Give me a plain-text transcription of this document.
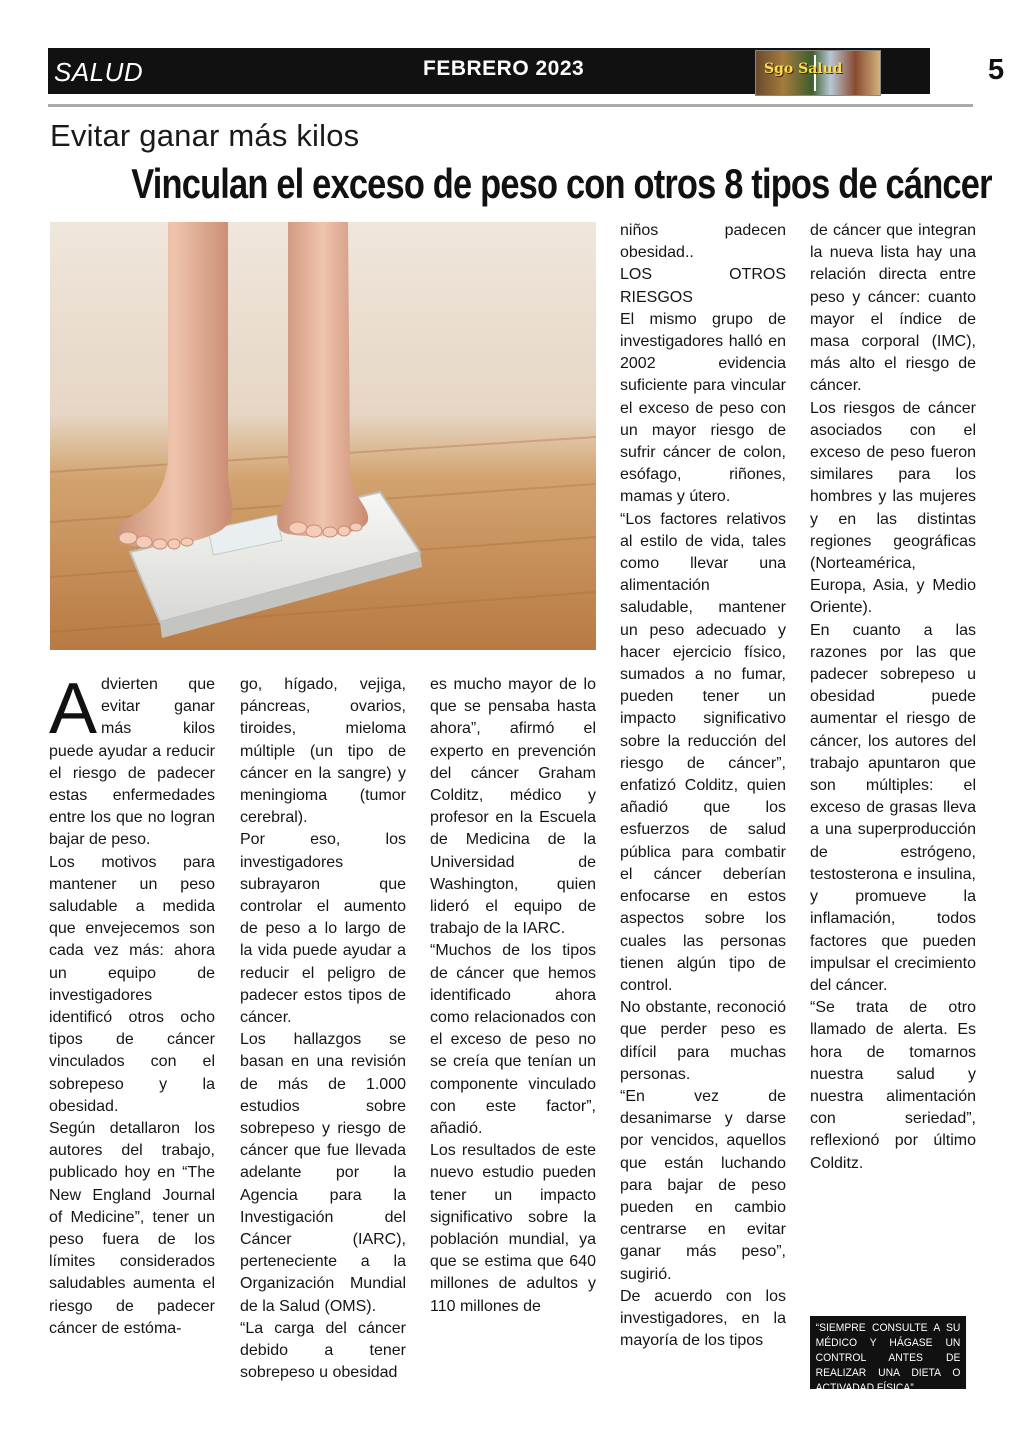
SALUD	FEBRERO 2023	Sgo Salud	5
Evitar ganar más kilos
Vinculan el exceso de peso con otros 8 tipos de cáncer

Advierten que evitar ganar más kilos puede ayudar a reducir el riesgo de padecer estas enfermedades entre los que no logran bajar de peso.

Los motivos para mantener un peso saludable a medida que envejecemos son cada vez más: ahora un equipo de investigadores identificó otros ocho tipos de cáncer vinculados con el sobrepeso y la obesidad.

Según detallaron los autores del trabajo, publicado hoy en “The New England Journal of Medicine”, tener un peso fuera de los límites considerados saludables aumenta el riesgo de padecer cáncer de estóma-

go, hígado, vejiga, páncreas, ovarios, tiroides, mieloma múltiple (un tipo de cáncer en la sangre) y meningioma (tumor cerebral).

Por eso, los investigadores subrayaron que controlar el aumento de peso a lo largo de la vida puede ayudar a reducir el peligro de padecer estos tipos de cáncer.

Los hallazgos se basan en una revisión de más de 1.000 estudios sobre sobrepeso y riesgo de cáncer que fue llevada adelante por la Agencia para la Investigación del Cáncer (IARC), perteneciente a la Organización Mundial de la Salud (OMS).

“La carga del cáncer debido a tener sobrepeso u obesidad

es mucho mayor de lo que se pensaba hasta ahora”, afirmó el experto en prevención del cáncer Graham Colditz, médico y profesor en la Escuela de Medicina de la Universidad de Washington, quien lideró el equipo de trabajo de la IARC.

“Muchos de los tipos de cáncer que hemos identificado ahora como relacionados con el exceso de peso no se creía que tenían un componente vinculado con este factor”, añadió.

Los resultados de este nuevo estudio pueden tener un impacto significativo sobre la población mundial, ya que se estima que 640 millones de adultos y 110 millones de

niños padecen obesidad..

LOS OTROS RIESGOS

El mismo grupo de investigadores halló en 2002 evidencia suficiente para vincular el exceso de peso con un mayor riesgo de sufrir cáncer de colon, esófago, riñones, mamas y útero.

“Los factores relativos al estilo de vida, tales como llevar una alimentación saludable, mantener un peso adecuado y hacer ejercicio físico, sumados a no fumar, pueden tener un impacto significativo sobre la reducción del riesgo de cáncer”, enfatizó Colditz, quien añadió que los esfuerzos de salud pública para combatir el cáncer deberían enfocarse en estos aspectos sobre los cuales las personas tienen algún tipo de control.

No obstante, reconoció que perder peso es difícil para muchas personas.

“En vez de desanimarse y darse por vencidos, aquellos que están luchando para bajar de peso pueden en cambio centrarse en evitar ganar más peso”, sugirió.

De acuerdo con los investigadores, en la mayoría de los tipos

de cáncer que integran la nueva lista hay una relación directa entre peso y cáncer: cuanto mayor el índice de masa corporal (IMC), más alto el riesgo de cáncer.

Los riesgos de cáncer asociados con el exceso de peso fueron similares para los hombres y las mujeres y en las distintas regiones geográficas (Norteamérica, Europa, Asia, y Medio Oriente).

En cuanto a las razones por las que padecer sobrepeso u obesidad puede aumentar el riesgo de cáncer, los autores del trabajo apuntaron que son múltiples: el exceso de grasas lleva a una superproducción de estrógeno, testosterona e insulina, y promueve la inflamación, todos factores que pueden impulsar el crecimiento del cáncer.

“Se trata de otro llamado de alerta. Es hora de tomarnos nuestra salud y nuestra alimentación con seriedad”, reflexionó por último Colditz.

“SIEMPRE CONSULTE A SU MÉDICO Y HÁGASE UN CONTROL ANTES DE REALIZAR UNA DIETA O ACTIVADAD FÍSICA”
